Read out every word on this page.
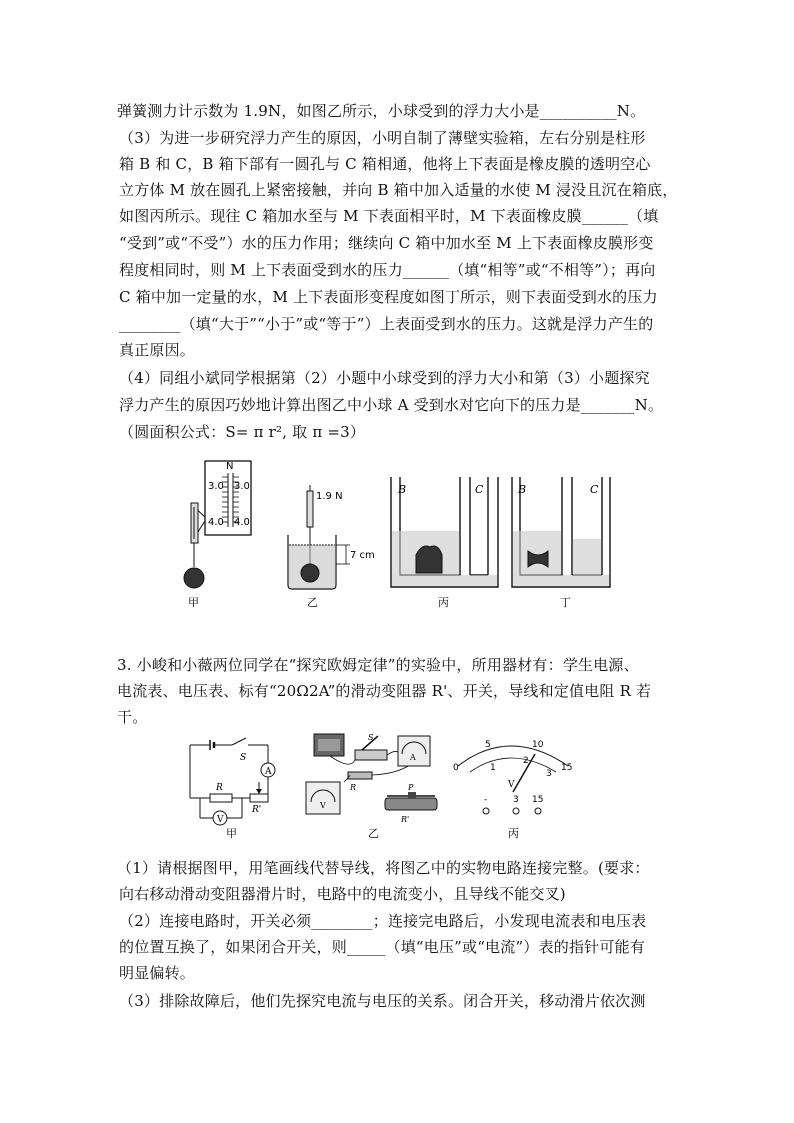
弹簧测力计示数为 1.9N，如图乙所示，小球受到的浮力大小是__________N。
（3）为进一步研究浮力产生的原因，小明自制了薄壁实验箱，左右分别是柱形
箱 B 和 C，B 箱下部有一圆孔与 C 箱相通，他将上下表面是橡皮膜的透明空心
立方体 M 放在圆孔上紧密接触，并向 B 箱中加入适量的水使 M 浸没且沉在箱底，
如图丙所示。现往 C 箱加水至与 M 下表面相平时，M 下表面橡皮膜______（填
“受到”或“不受”）水的压力作用；继续向 C 箱中加水至 M 上下表面橡皮膜形变
程度相同时，则 M 上下表面受到水的压力______（填“相等”或“不相等”）；再向
C 箱中加一定量的水，M 上下表面形变程度如图丁所示，则下表面受到水的压力
________（填“大于”“小于”或“等于”）上表面受到水的压力。这就是浮力产生的
真正原因。
（4）同组小斌同学根据第（2）小题中小球受到的浮力大小和第（3）小题探究
浮力产生的原因巧妙地计算出图乙中小球 A 受到水对它向下的压力是_______N。
（圆面积公式：S= π r², 取 π =3）
N
3.0 3.0
4.0 4.0
甲
1.9 N
7 cm
乙
B	C
丙
B	C
丁
3. 小峻和小薇两位同学在“探究欧姆定律”的实验中，所用器材有：学生电源、
电流表、电压表、标有“20Ω2A”的滑动变阻器 R'、开关，导线和定值电阻 R 若
干。
S
A
R
R'
V
甲
S
A
R
V
P
R'
乙
0
5	10
15
1
2
3
V
-	3 15
丙
（1）请根据图甲，用笔画线代替导线，将图乙中的实物电路连接完整。(要求：
向右移动滑动变阻器滑片时，电路中的电流变小，且导线不能交叉)
（2）连接电路时，开关必须________；连接完电路后，小发现电流表和电压表
的位置互换了，如果闭合开关，则_____（填“电压”或“电流”）表的指针可能有
明显偏转。
（3）排除故障后，他们先探究电流与电压的关系。闭合开关，移动滑片依次测
